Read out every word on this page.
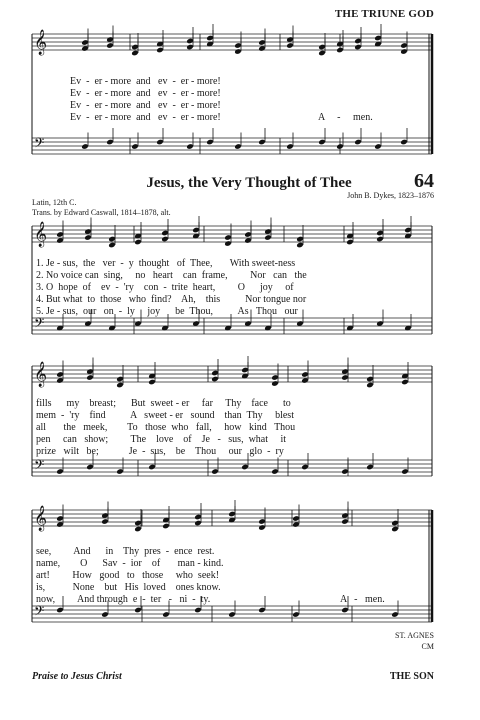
𝄞
𝄢
𝄞
𝄢
𝄞
𝄢
𝄞
𝄢
THE TRIUNE GOD
Ev  -  er - more  and   ev  -  er - more!
Ev  -  er - more  and   ev  -  er - more!
Ev  -  er - more  and   ev  -  er - more!
Ev  -  er - more  and   ev  -  er - more!	A     -     men.
Jesus, the Very Thought of Thee	64
Latin, 12th C.
Trans. by Edward Caswall, 1814–1878, alt.
John B. Dykes, 1823–1876
1. Je - sus,  the   ver  -  y  thought   of  Thee,       With sweet-ness
2. No voice can  sing,     no   heart    can  frame,         Nor   can   the
3. O  hope  of    ev  -  'ry    con  -  trite  heart,         O      joy     of
4. But what  to  those   who  find?    Ah,    this          Nor tongue nor
5. Je - sus,  our   on  -  ly     joy      be  Thou,          As   Thou   our
fills      my    breast;      But  sweet - er     far     Thy    face      to
mem  -  'ry    find          A   sweet - er   sound    than  Thy     blest
all       the   meek,        To   those  who   fall,     how   kind   Thou
pen     can   show;         The    love    of    Je   -   sus,  what     it
prize   wilt   be;            Je  -  sus,    be    Thou     our   glo  -  ry
see,         And      in    Thy  pres  -  ence  rest.
name,        O      Sav  -  ior    of       man - kind.
art!         How   good   to   those     who  seek!
is,           None    but   His  loved    ones know.
now,         And through  e  -  ter   -   ni  -  ty.	A   -   men.
ST. AGNES
CM
Praise to Jesus Christ	THE SON
